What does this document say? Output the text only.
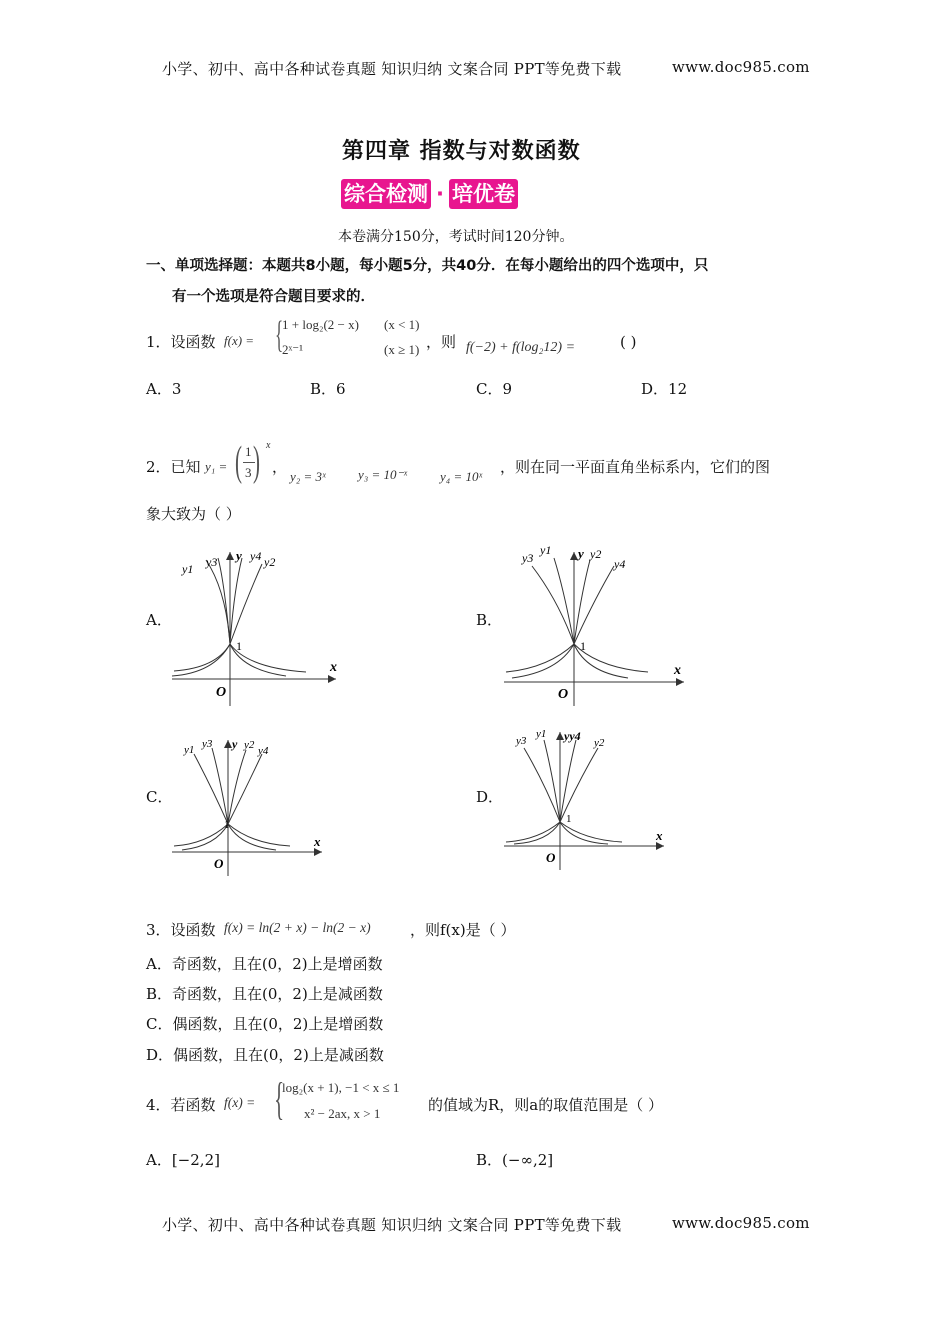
小学、初中、高中各种试卷真题 知识归纳 文案合同 PPT等免费下载	www.doc985.com
第四章 指数与对数函数
综合检测 · 培优卷
本卷满分150分，考试时间120分钟。
一、单项选择题：本题共8小题，每小题5分，共40分．在每小题给出的四个选项中，只
有一个选项是符合题目要求的．
1．设函数 f(x) = {
1 + log₂(2 − x) (x < 1)
2ˣ⁻¹	(x ≥ 1) ，则 f(−2) + f(log₂12) =	( )
A．3	B．6	C．9	D．12
2．已知 y₁ = ( 1
3 ) x
，
y₂ = 3ˣ y₃ = 10⁻ˣ	y₄ = 10ˣ
，则在同一平面直角坐标系内，它们的图
象大致为（ ）
A．	B．
C．	D．
x
O
1
y1 y3 y y4 y2
x
O
1
y3
y1 y y2
y4
x
O
1
y1 y3 y y2 y4
x
O
1
y3
y1 yy4 y2
3．设函数 f(x) = ln(2 + x) − ln(2 − x)	，则f(x)是（ ）
A．奇函数，且在(0，2)上是增函数
B．奇函数，且在(0，2)上是减函数
C．偶函数，且在(0，2)上是增函数
D．偶函数，且在(0，2)上是减函数
4．若函数 f(x) = {
log₂(x + 1), −1 < x ≤ 1
x² − 2ax, x > 1	的值域为R，则a的取值范围是（ ）
A．[−2,2]	B．(−∞,2]
小学、初中、高中各种试卷真题 知识归纳 文案合同 PPT等免费下载	www.doc985.com
